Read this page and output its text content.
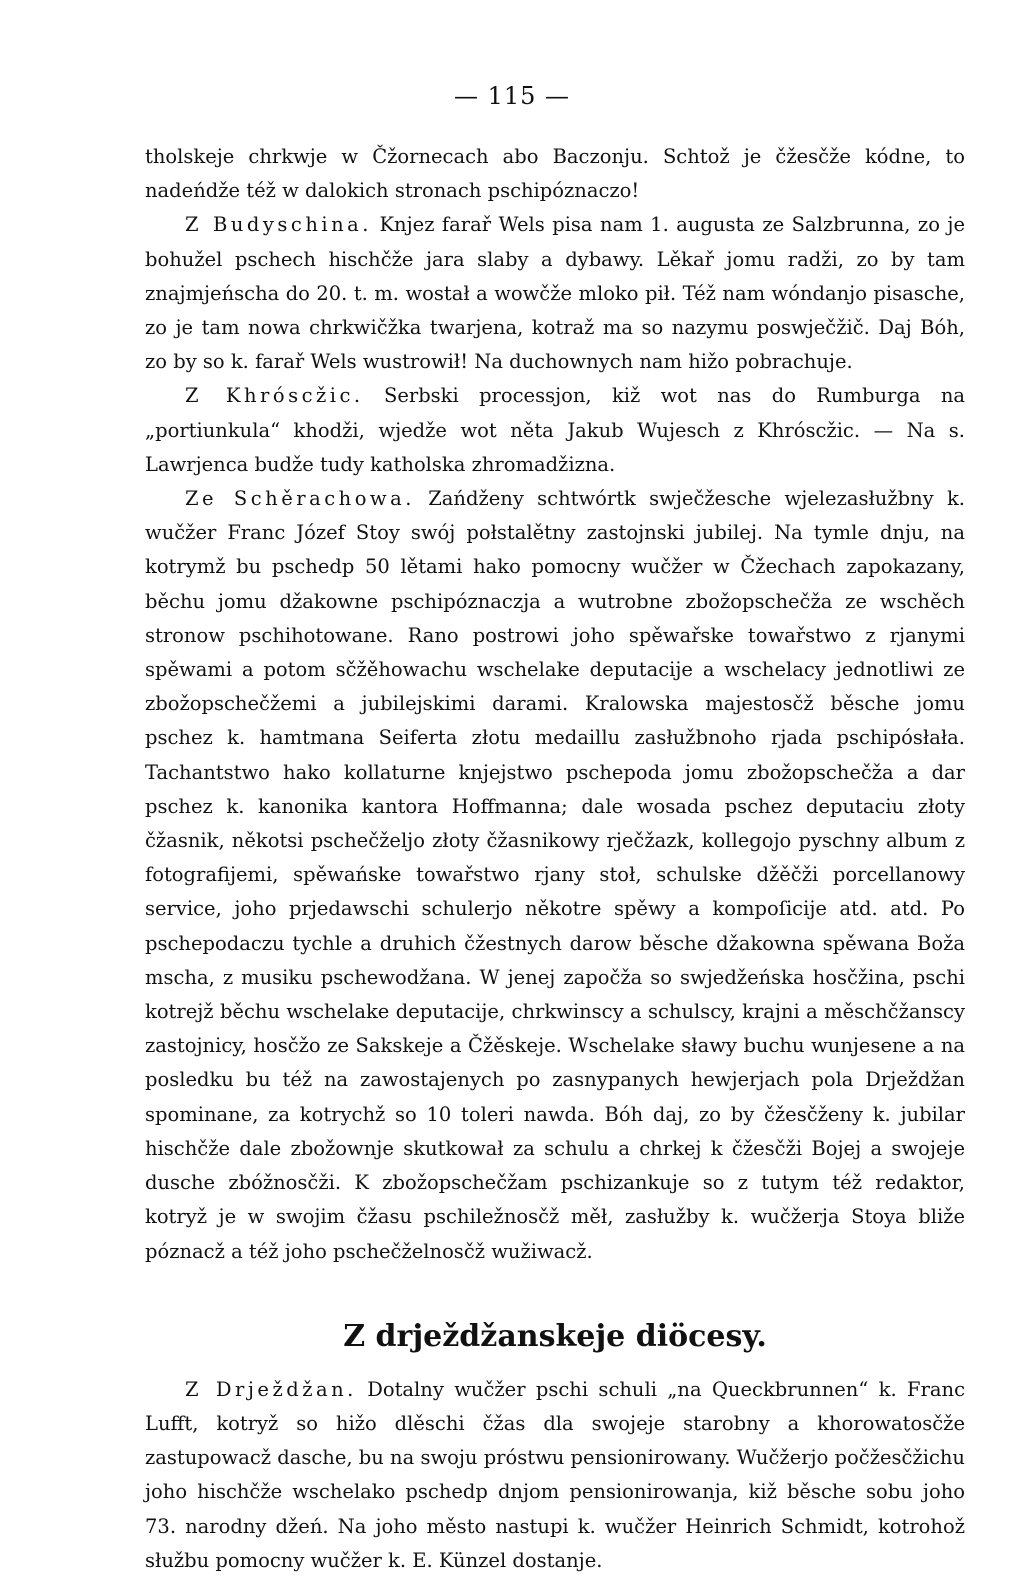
— 115 —

tholskeje chrkwje w Čžornecach abo Baczonju. Schtož je čžesčže kódne, to nadeńdže též w dalokich stronach pschipóznaczo!

Z Budyschina. Knjez farař Wels pisa nam 1. augusta ze Salzbrunna, zo je bohužel pschech hischčže jara slaby a dybawy. Lěkař jomu radži, zo by tam znajmjeńscha do 20. t. m. wostał a wowčže mloko pił. Též nam wóndanjo pisasche, zo je tam nowa chrkwičžka twarjena, kotraž ma so nazymu poswječžič. Daj Bóh, zo by so k. farař Wels wustrowił! Na duchownych nam hižo pobrachuje.

Z Khróscžic. Serbski processjon, kiž wot nas do Rumburga na „portiunkula“ khodži, wjedže wot něta Jakub Wujesch z Khróscžic. — Na s. Lawrjenca budže tudy katholska zhromadžizna.

Ze Schěrachowa. Zańdženy schtwórtk swječžesche wjelezasłužbny k. wučžer Franc Józef Stoy swój połstalětny zastojnski jubilej. Na tymle dnju, na kotrymž bu pschedp 50 lětami hako pomocny wučžer w Čžechach zapokazany, běchu jomu džakowne pschipóznaczja a wutrobne zbožopschečža ze wschěch stronow pschihotowane. Rano postrowi joho spěwařske towařstwo z rjanymi spěwami a potom sčžěhowachu wschelake deputacije a wschelacy jednotliwi ze zbožopschečžemi a jubilejskimi darami. Kralowska majestosčž běsche jomu pschez k. hamtmana Seiferta złotu medaillu zasłužbnoho rjada pschipósłała. Tachantstwo hako kollaturne knjejstwo pschepoda jomu zbožopschečža a dar pschez k. kanonika kantora Hoffmanna; dale wosada pschez deputaciu złoty čžasnik, někotsi pschečželjo złoty čžasnikowy rječžazk, kollegojo pyschny album z fotografijemi, spěwańske towařstwo rjany stoł, schulske džěčži porcellanowy service, joho prjedawschi schulerjo někotre spěwy a kompoſicije atd. atd. Po pschepodaczu tychle a druhich čžestnych darow běsche džakowna spěwana Boža mscha, z musiku pschewodžana. W jenej započža so swjedžeńska hosčžina, pschi kotrejž běchu wschelake deputacije, chrkwinscy a schulscy, krajni a měschčžanscy zastojnicy, hosčžo ze Sakskeje a Čžěskeje. Wschelake sławy buchu wunjesene a na posledku bu též na zawostajenych po zasnypanych hewjerjach pola Drježdžan spominane, za kotrychž so 10 toleri nawda. Bóh daj, zo by čžesčženy k. jubilar hischčže dale zbožownje skutkował za schulu a chrkej k čžesčži Bojej a swojeje dusche zbóžnosčži. K zbožopschečžam pschizankuje so z tutym též redaktor, kotryž je w swojim čžasu pschiležnosčž měł, zasłužby k. wučžerja Stoya bliže póznacž a též joho pschečželnosčž wužiwacž.

Z drježdžanskeje diöcesy.

Z Drježdžan. Dotalny wučžer pschi schuli „na Queckbrunnen“ k. Franc Lufft, kotryž so hižo dlěschi čžas dla swojeje starobny a khorowatosčže zastupowacž dasche, bu na swoju próstwu pensionirowany. Wučžerjo počžesčžichu joho hischčže wschelako pschedp dnjom pensionirowanja, kiž běsche sobu joho 73. narodny džeń. Na joho město nastupi k. wučžer Heinrich Schmidt, kotrohož słužbu pomocny wučžer k. E. Künzel dostanje.
